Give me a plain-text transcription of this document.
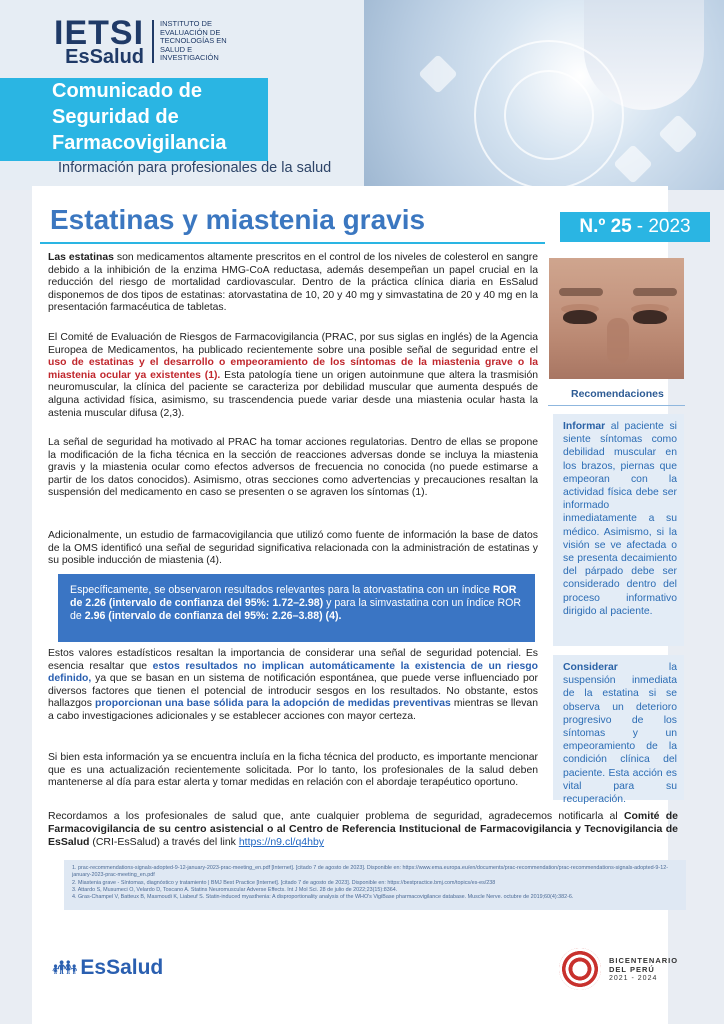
IETSI
EsSalud
INSTITUTO DE EVALUACIÓN DE TECNOLOGÍAS EN SALUD E INVESTIGACIÓN
Comunicado de
Seguridad de
Farmacovigilancia
Información para profesionales de la salud
Estatinas y miastenia gravis	N.º 25 - 2023
Recomendaciones
Informar al paciente si siente síntomas como debilidad muscular en los brazos, piernas que empeoran con la actividad física debe ser informado inmediatamente a su médico. Asimismo, si la visión se ve afectada o se presenta decaimiento del párpado debe ser considerado dentro del proceso informativo dirigido al paciente.
Considerar la suspensión inmediata de la estatina si se observa un deterioro progresivo de los síntomas y un empeoramiento de la condición clínica del paciente. Esta acción es vital para su recuperación.
Las estatinas son medicamentos altamente prescritos en el control de los niveles de colesterol en sangre debido a la inhibición de la enzima HMG-CoA reductasa, además desempeñan un papel crucial en la reducción del riesgo de mortalidad cardiovascular. Dentro de la práctica clínica diaria en EsSalud disponemos de dos tipos de estatinas: atorvastatina de 10, 20 y 40 mg y simvastatina de 20 y 40 mg en la presentación farmacéutica de tabletas.
El Comité de Evaluación de Riesgos de Farmacovigilancia (PRAC, por sus siglas en inglés) de la Agencia Europea de Medicamentos, ha publicado recientemente sobre una posible señal de seguridad entre el uso de estatinas y el desarrollo o empeoramiento de los síntomas de la miastenia grave o la miastenia ocular ya existentes (1). Esta patología tiene un origen autoinmune que altera la trasmisión neuromuscular, la clínica del paciente se caracteriza por debilidad muscular que aumenta después de alguna actividad física, asimismo, su trascendencia puede variar desde una miastenia ocular hasta la astenia muscular difusa (2,3).
La señal de seguridad ha motivado al PRAC ha tomar acciones regulatorias. Dentro de ellas se propone la modificación de la ficha técnica en la sección de reacciones adversas donde se incluya la miastenia gravis y la miastenia ocular como efectos adversos de frecuencia no conocida (no puede estimarse a partir de los datos conocidos). Asimismo, otras secciones como advertencias y precauciones resaltan la suspensión del medicamento en caso se presenten o se agraven los síntomas (1).
Adicionalmente, un estudio de farmacovigilancia que utilizó como fuente de información la base de datos de la OMS identificó una señal de seguridad significativa relacionada con la administración de estatinas y su posible inducción de miastenia (4).
Específicamente, se observaron resultados relevantes para la atorvastatina con un índice ROR de 2.26 (intervalo de confianza del 95%: 1.72–2.98) y para la simvastatina con un índice ROR de 2.96 (intervalo de confianza del 95%: 2.26–3.88) (4).
Estos valores estadísticos resaltan la importancia de considerar una señal de seguridad potencial. Es esencia resaltar que estos resultados no implican automáticamente la existencia de un riesgo definido, ya que se basan en un sistema de notificación espontánea, que puede verse influenciado por diversos factores que tienen el potencial de introducir sesgos en los resultados. No obstante, estos hallazgos proporcionan una base sólida para la adopción de medidas preventivas mientras se llevan a cabo investigaciones adicionales y se establecer acciones con mayor certeza.
Si bien esta información ya se encuentra incluía en la ficha técnica del producto, es importante mencionar que es una actualización recientemente solicitada. Por lo tanto, los profesionales de la salud deben mantenerse al día para estar alerta y tomar medidas en relación con el abordaje terapéutico oportuno.
Recordamos a los profesionales de salud que, ante cualquier problema de seguridad, agradecemos notificarla al Comité de Farmacovigilancia de su centro asistencial o al Centro de Referencia Institucional de Farmacovigilancia y Tecnovigilancia de EsSalud (CRI-EsSalud) a través del link https://n9.cl/q4hby

1. prac-recommendations-signals-adopted-9-12-january-2023-prac-meeting_en.pdf [Internet]. [citado 7 de agosto de 2023]. Disponible en: https://www.ema.europa.eu/en/documents/prac-recommendation/prac-recommendations-signals-adopted-9-12-january-2023-prac-meeting_en.pdf

2. Miastenia grave - Síntomas, diagnóstico y tratamiento | BMJ Best Practice [Internet]. [citado 7 de agosto de 2023]. Disponible en: https://bestpractice.bmj.com/topics/es-es/238

3. Attardo S, Musumeci O, Velardo D, Toscano A. Statins Neuromuscular Adverse Effects. Int J Mol Sci. 28 de julio de 2022;23(15):8364.

4. Gras-Champel V, Batteux B, Masmoudi K, Liabeuf S. Statin-induced myasthenia: A disproportionality analysis of the WHO's VigiBase pharmacovigilance database. Muscle Nerve. octubre de 2019;60(4):382-6.

👪︎ EsSalud	BICENTENARIO
DEL PERÚ
2021 - 2024
